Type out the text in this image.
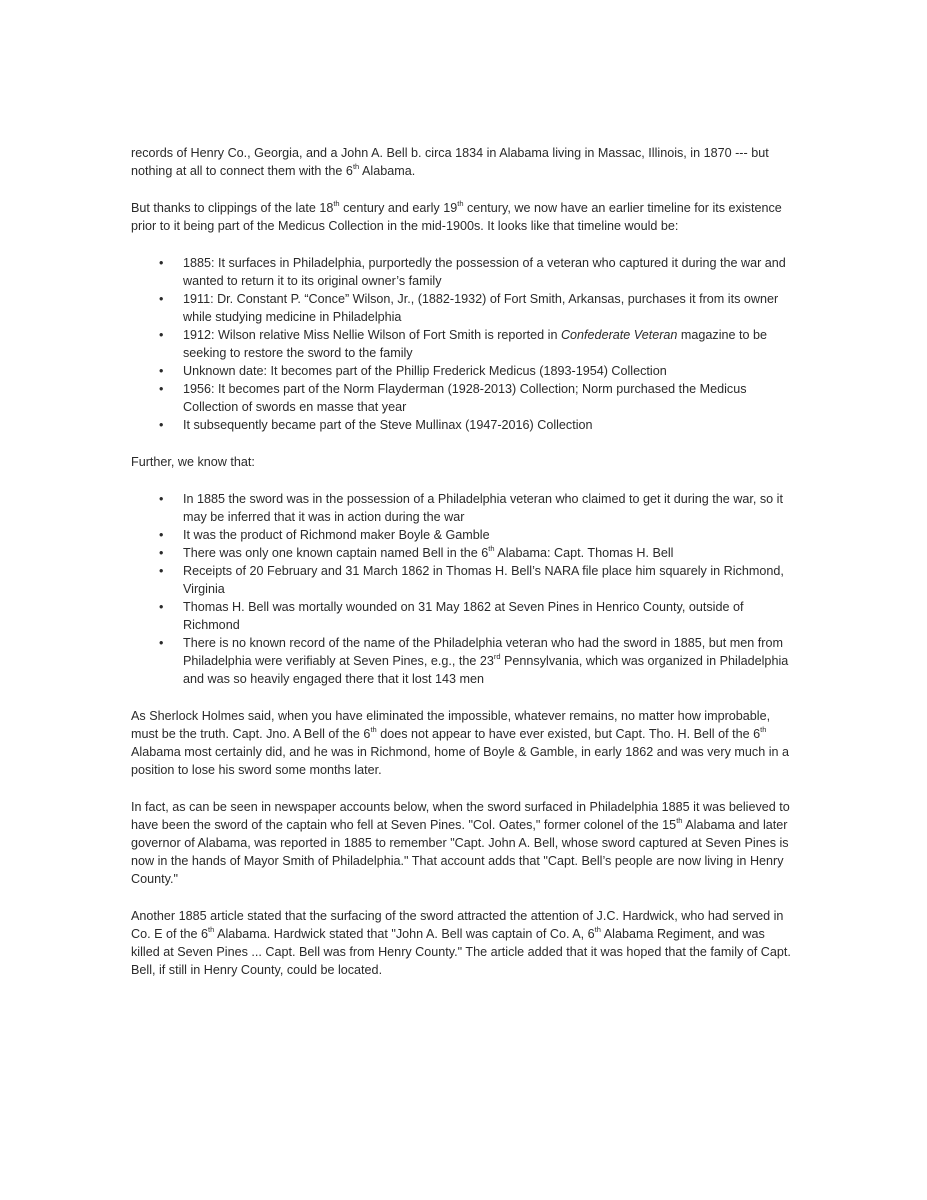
records of Henry Co., Georgia, and a John A. Bell b. circa 1834 in Alabama living in Massac, Illinois, in 1870 --- but nothing at all to connect them with the 6th Alabama.

But thanks to clippings of the late 18th century and early 19th century, we now have an earlier timeline for its existence prior to it being part of the Medicus Collection in the mid-1900s. It looks like that timeline would be:

• 1885: It surfaces in Philadelphia, purportedly the possession of a veteran who captured it during the war and wanted to return it to its original owner’s family
• 1911: Dr. Constant P. “Conce” Wilson, Jr., (1882-1932) of Fort Smith, Arkansas, purchases it from its owner while studying medicine in Philadelphia
• 1912: Wilson relative Miss Nellie Wilson of Fort Smith is reported in Confederate Veteran magazine to be seeking to restore the sword to the family
• Unknown date: It becomes part of the Phillip Frederick Medicus (1893-1954) Collection
• 1956: It becomes part of the Norm Flayderman (1928-2013) Collection; Norm purchased the Medicus Collection of swords en masse that year
• It subsequently became part of the Steve Mullinax (1947-2016) Collection

Further, we know that:

• In 1885 the sword was in the possession of a Philadelphia veteran who claimed to get it during the war, so it may be inferred that it was in action during the war
• It was the product of Richmond maker Boyle & Gamble
• There was only one known captain named Bell in the 6th Alabama: Capt. Thomas H. Bell
• Receipts of 20 February and 31 March 1862 in Thomas H. Bell’s NARA file place him squarely in Richmond, Virginia
• Thomas H. Bell was mortally wounded on 31 May 1862 at Seven Pines in Henrico County, outside of Richmond
• There is no known record of the name of the Philadelphia veteran who had the sword in 1885, but men from Philadelphia were verifiably at Seven Pines, e.g., the 23rd Pennsylvania, which was organized in Philadelphia and was so heavily engaged there that it lost 143 men

As Sherlock Holmes said, when you have eliminated the impossible, whatever remains, no matter how improbable, must be the truth. Capt. Jno. A Bell of the 6th does not appear to have ever existed, but Capt. Tho. H. Bell of the 6th Alabama most certainly did, and he was in Richmond, home of Boyle & Gamble, in early 1862 and was very much in a position to lose his sword some months later.

In fact, as can be seen in newspaper accounts below, when the sword surfaced in Philadelphia 1885 it was believed to have been the sword of the captain who fell at Seven Pines. "Col. Oates," former colonel of the 15th Alabama and later governor of Alabama, was reported in 1885 to remember "Capt. John A. Bell, whose sword captured at Seven Pines is now in the hands of Mayor Smith of Philadelphia." That account adds that "Capt. Bell’s people are now living in Henry County."

Another 1885 article stated that the surfacing of the sword attracted the attention of J.C. Hardwick, who had served in Co. E of the 6th Alabama. Hardwick stated that "John A. Bell was captain of Co. A, 6th Alabama Regiment, and was killed at Seven Pines ... Capt. Bell was from Henry County." The article added that it was hoped that the family of Capt. Bell, if still in Henry County, could be located.
